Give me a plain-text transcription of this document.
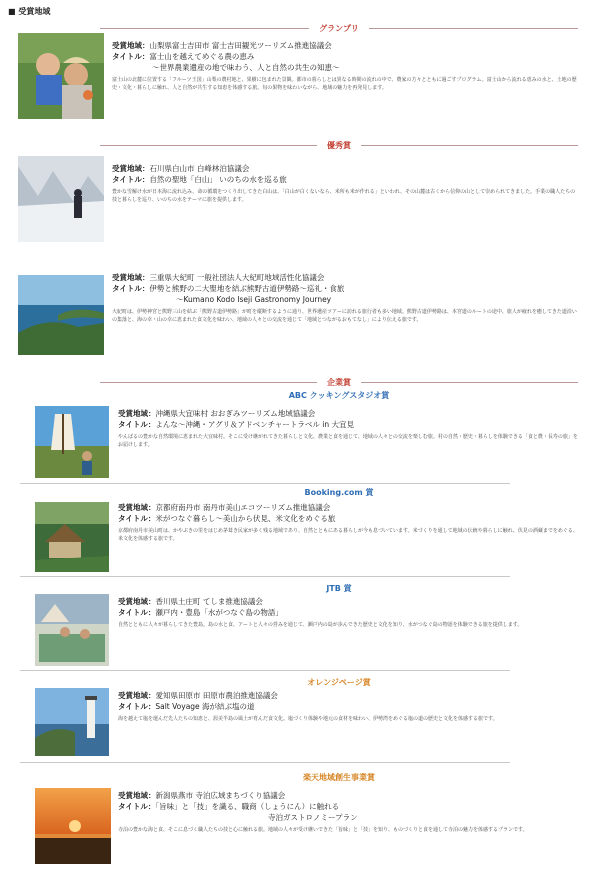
■ 受賞地域
グランプリ
受賞地域：山梨県富士吉田市 富士吉田観光ツーリズム推進協議会
タイトル：富士山を越えてめぐる農の恵み
〜世界農業遺産の地で味わう、人と自然の共生の知恵〜
富士山の北麓に位置する「フルーツ王国」山梨の農村地と、果樹に包まれた景観。都市の暮らしとは異なる時間の流れの中で、農家の方々とともに過ごすプログラム。富士山から流れる恵みの水と、土地の歴史・文化・暮らしに触れ、人と自然が共生する知恵を体感する旅。旬の果物を味わいながら、地域の魅力を再発見します。
優秀賞
受賞地域：石川県白山市 白峰林泊協議会
タイトル：自然の聖地「白山」 いのちの水を巡る旅
豊かな雪解け水が日本海に流れ込み、命の循環をつくり出してきた白山は、「白山が白くないなら、米所も米が作れる」といわれ、その山麓は古くから信仰の山として崇められてきました。手業の職人たちの技と暮らしを巡り、いのちの水をテーマに旅を提供します。
受賞地域：三重県大紀町 一般社団法人大紀町地域活性化協議会
タイトル：伊勢と熊野の二大聖地を結ぶ熊野古道伊勢路〜巡礼・食旅
〜Kumano Kodo Iseji Gastronomy Journey
大紀町は、伊勢神宮と熊野三山を結ぶ「熊野古道伊勢路」が町を縦断するように通り、世界遺産ツアーに訪れる旅行者も多い地域。熊野古道伊勢路は、本宮道のルートの途中、旅人が疲れを癒してきた道沿いの集落と、海の幸・山の幸に恵まれた食文化を味わい、地域の人々との交流を通じて「地域とつながるおもてなし」により伝える旅です。
企業賞
ABC クッキングスタジオ賞
受賞地域：沖縄県大宜味村 おおぎみツーリズム地域協議会
タイトル：よんな〜沖縄・アグリ＆アドベンチャートラベル in 大宜見
やんばるの豊かな自然環境に恵まれた大宜味村。そこに受け継がれてきた暮らしと文化、農業と食を通じて、地域の人々との交流を楽しむ旅。村の自然・歴史・暮らしを体験できる「食と農・長寿の旅」をお届けします。
Booking.com 賞
受賞地域：京都府南丹市 南丹市美山エコツーリズム推進協議会
タイトル：米がつなぐ暮らし〜美山から伏見、米文化をめぐる旅
京都府南丹市美山町は、かやぶきの里をはじめ茅葺き民家が多く残る地域であり、自然とともにある暮らしが今も息づいています。米づくりを通して地域の伝統や暮らしに触れ、伏見の酒蔵までをめぐる、米文化を体感する旅です。
JTB 賞
受賞地域：香川県土庄町 てしま推進協議会
タイトル：瀬戸内・豊島「水がつなぐ島の物語」
自然とともに人々が暮らしてきた豊島。島の水と食、アートと人々の営みを通じて、瀬戸内の島が歩んできた歴史と文化を知り、水がつなぐ島の物語を体験できる旅を提供します。
オレンジページ賞
受賞地域：愛知県田原市 田原市農泊推進協議会
タイトル：Salt Voyage 海が結ぶ塩の道
海を越えて塩を運んだ先人たちの知恵と、渥美半島の風土が育んだ食文化。塩づくり体験や地元の食材を味わい、伊勢湾をめぐる塩の道の歴史と文化を体感する旅です。
楽天地域創生事業賞
受賞地域：新潟県燕市 寺泊広域まちづくり協議会
タイトル：「旨味」と「技」を識る、職商（しょうにん）に触れる
寺泊ガストロノミープラン
寺泊の豊かな海と食、そこに息づく職人たちの技と心に触れる旅。地域の人々が受け継いできた「旨味」と「技」を知り、ものづくりと食を通して寺泊の魅力を体感するプランです。
